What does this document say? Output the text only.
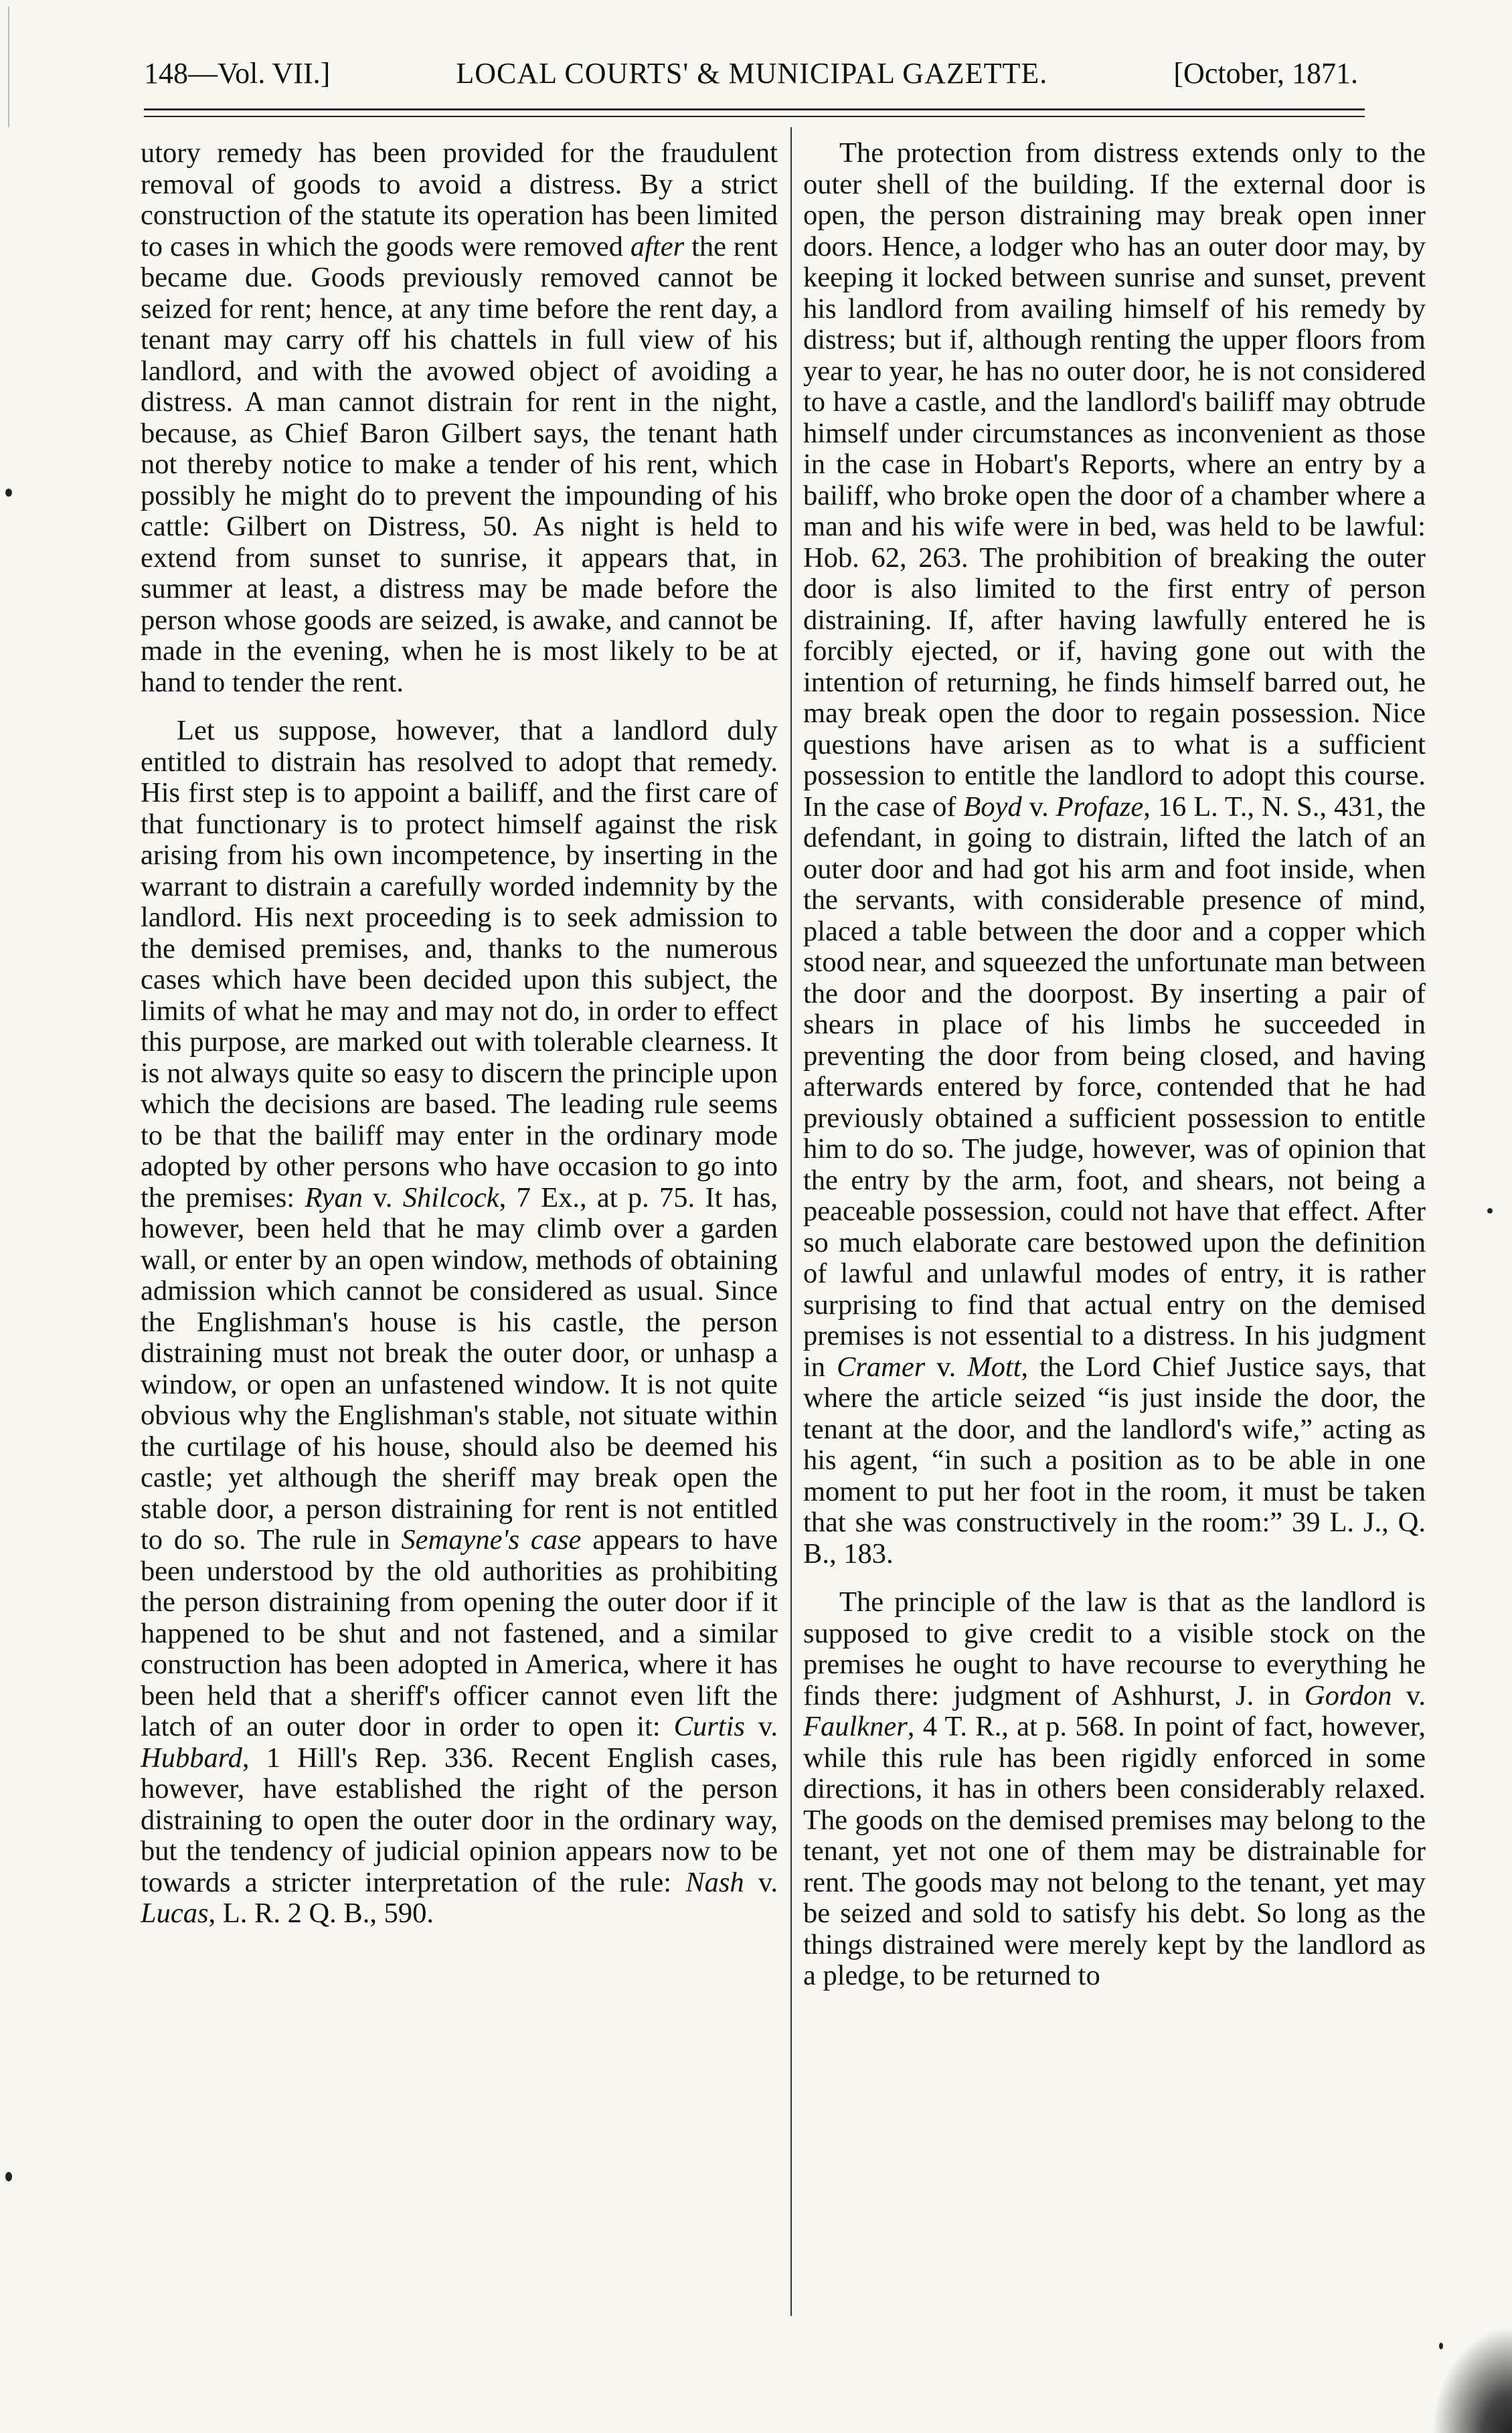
148—Vol. VII.]	LOCAL COURTS' & MUNICIPAL GAZETTE.	[October, 1871.

utory remedy has been provided for the fraudulent removal of goods to avoid a distress. By a strict construction of the statute its operation has been limited to cases in which the goods were removed after the rent became due. Goods previously removed cannot be seized for rent; hence, at any time before the rent day, a tenant may carry off his chattels in full view of his landlord, and with the avowed object of avoiding a distress. A man cannot distrain for rent in the night, because, as Chief Baron Gilbert says, the tenant hath not thereby notice to make a tender of his rent, which possibly he might do to prevent the impounding of his cattle: Gilbert on Distress, 50. As night is held to extend from sunset to sunrise, it appears that, in summer at least, a distress may be made before the person whose goods are seized, is awake, and cannot be made in the evening, when he is most likely to be at hand to tender the rent.

Let us suppose, however, that a landlord duly entitled to distrain has resolved to adopt that remedy. His first step is to appoint a bailiff, and the first care of that functionary is to protect himself against the risk arising from his own incompetence, by inserting in the warrant to distrain a carefully worded indemnity by the landlord. His next proceeding is to seek admission to the demised premises, and, thanks to the numerous cases which have been decided upon this subject, the limits of what he may and may not do, in order to effect this purpose, are marked out with tolerable clearness. It is not always quite so easy to discern the principle upon which the decisions are based. The leading rule seems to be that the bailiff may enter in the ordinary mode adopted by other persons who have occasion to go into the premises: Ryan v. Shilcock, 7 Ex., at p. 75. It has, however, been held that he may climb over a garden wall, or enter by an open window, methods of obtaining admission which cannot be considered as usual. Since the Englishman's house is his castle, the person distraining must not break the outer door, or unhasp a window, or open an unfastened window. It is not quite obvious why the Englishman's stable, not situate within the curtilage of his house, should also be deemed his castle; yet although the sheriff may break open the stable door, a person distraining for rent is not entitled to do so. The rule in Semayne's case appears to have been understood by the old authorities as prohibiting the person distraining from opening the outer door if it happened to be shut and not fastened, and a similar construction has been adopted in America, where it has been held that a sheriff's officer cannot even lift the latch of an outer door in order to open it: Curtis v. Hubbard, 1 Hill's Rep. 336. Recent English cases, however, have established the right of the person distraining to open the outer door in the ordinary way, but the tendency of judicial opinion appears now to be towards a stricter interpretation of the rule: Nash v. Lucas, L. R. 2 Q. B., 590.

The protection from distress extends only to the outer shell of the building. If the external door is open, the person distraining may break open inner doors. Hence, a lodger who has an outer door may, by keeping it locked between sunrise and sunset, prevent his landlord from availing himself of his remedy by distress; but if, although renting the upper floors from year to year, he has no outer door, he is not considered to have a castle, and the landlord's bailiff may obtrude himself under circumstances as inconvenient as those in the case in Hobart's Reports, where an entry by a bailiff, who broke open the door of a chamber where a man and his wife were in bed, was held to be lawful: Hob. 62, 263. The prohibition of breaking the outer door is also limited to the first entry of person distraining. If, after having lawfully entered he is forcibly ejected, or if, having gone out with the intention of returning, he finds himself barred out, he may break open the door to regain possession. Nice questions have arisen as to what is a sufficient possession to entitle the landlord to adopt this course. In the case of Boyd v. Profaze, 16 L. T., N. S., 431, the defendant, in going to distrain, lifted the latch of an outer door and had got his arm and foot inside, when the servants, with considerable presence of mind, placed a table between the door and a copper which stood near, and squeezed the unfortunate man between the door and the doorpost. By inserting a pair of shears in place of his limbs he succeeded in preventing the door from being closed, and having afterwards entered by force, contended that he had previously obtained a sufficient possession to entitle him to do so. The judge, however, was of opinion that the entry by the arm, foot, and shears, not being a peaceable possession, could not have that effect. After so much elaborate care bestowed upon the definition of lawful and unlawful modes of entry, it is rather surprising to find that actual entry on the demised premises is not essential to a distress. In his judgment in Cramer v. Mott, the Lord Chief Justice says, that where the article seized “is just inside the door, the tenant at the door, and the landlord's wife,” acting as his agent, “in such a position as to be able in one moment to put her foot in the room, it must be taken that she was constructively in the room:” 39 L. J., Q. B., 183.

The principle of the law is that as the landlord is supposed to give credit to a visible stock on the premises he ought to have recourse to everything he finds there: judgment of Ashhurst, J. in Gordon v. Faulkner, 4 T. R., at p. 568. In point of fact, however, while this rule has been rigidly enforced in some directions, it has in others been considerably relaxed. The goods on the demised premises may belong to the tenant, yet not one of them may be distrainable for rent. The goods may not belong to the tenant, yet may be seized and sold to satisfy his debt. So long as the things distrained were merely kept by the landlord as a pledge, to be returned to
